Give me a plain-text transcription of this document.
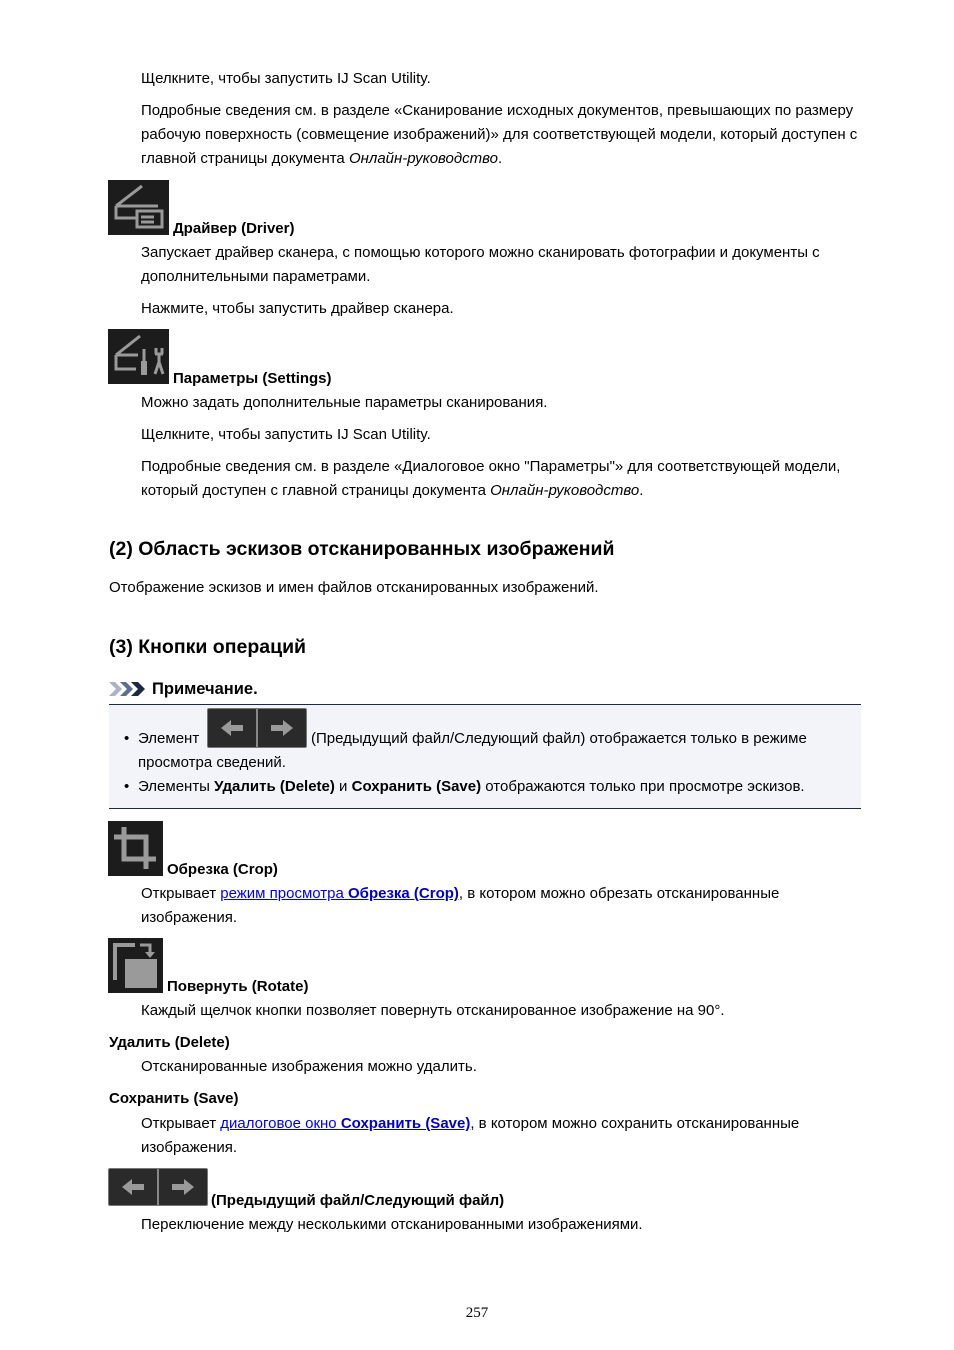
Щелкните, чтобы запустить IJ Scan Utility.
Подробные сведения см. в разделе «Сканирование исходных документов, превышающих по размеру рабочую поверхность (совмещение изображений)» для соответствующей модели, который доступен с главной страницы документа Онлайн-руководство.
Драйвер (Driver)
Запускает драйвер сканера, с помощью которого можно сканировать фотографии и документы с дополнительными параметрами.
Нажмите, чтобы запустить драйвер сканера.
Параметры (Settings)
Можно задать дополнительные параметры сканирования.
Щелкните, чтобы запустить IJ Scan Utility.
Подробные сведения см. в разделе «Диалоговое окно "Параметры"» для соответствующей модели, который доступен с главной страницы документа Онлайн-руководство.
(2) Область эскизов отсканированных изображений
Отображение эскизов и имен файлов отсканированных изображений.
(3) Кнопки операций
Примечание.
• Элемент	(Предыдущий файл/Следующий файл) отображается только в режиме
просмотра сведений.
• Элементы Удалить (Delete) и Сохранить (Save) отображаются только при просмотре эскизов.
Обрезка (Crop)
Открывает режим просмотра Обрезка (Crop), в котором можно обрезать отсканированные
изображения.
Повернуть (Rotate)
Каждый щелчок кнопки позволяет повернуть отсканированное изображение на 90°.
Удалить (Delete)
Отсканированные изображения можно удалить.
Сохранить (Save)
Открывает диалоговое окно Сохранить (Save), в котором можно сохранить отсканированные
изображения.
(Предыдущий файл/Следующий файл)
Переключение между несколькими отсканированными изображениями.
257
